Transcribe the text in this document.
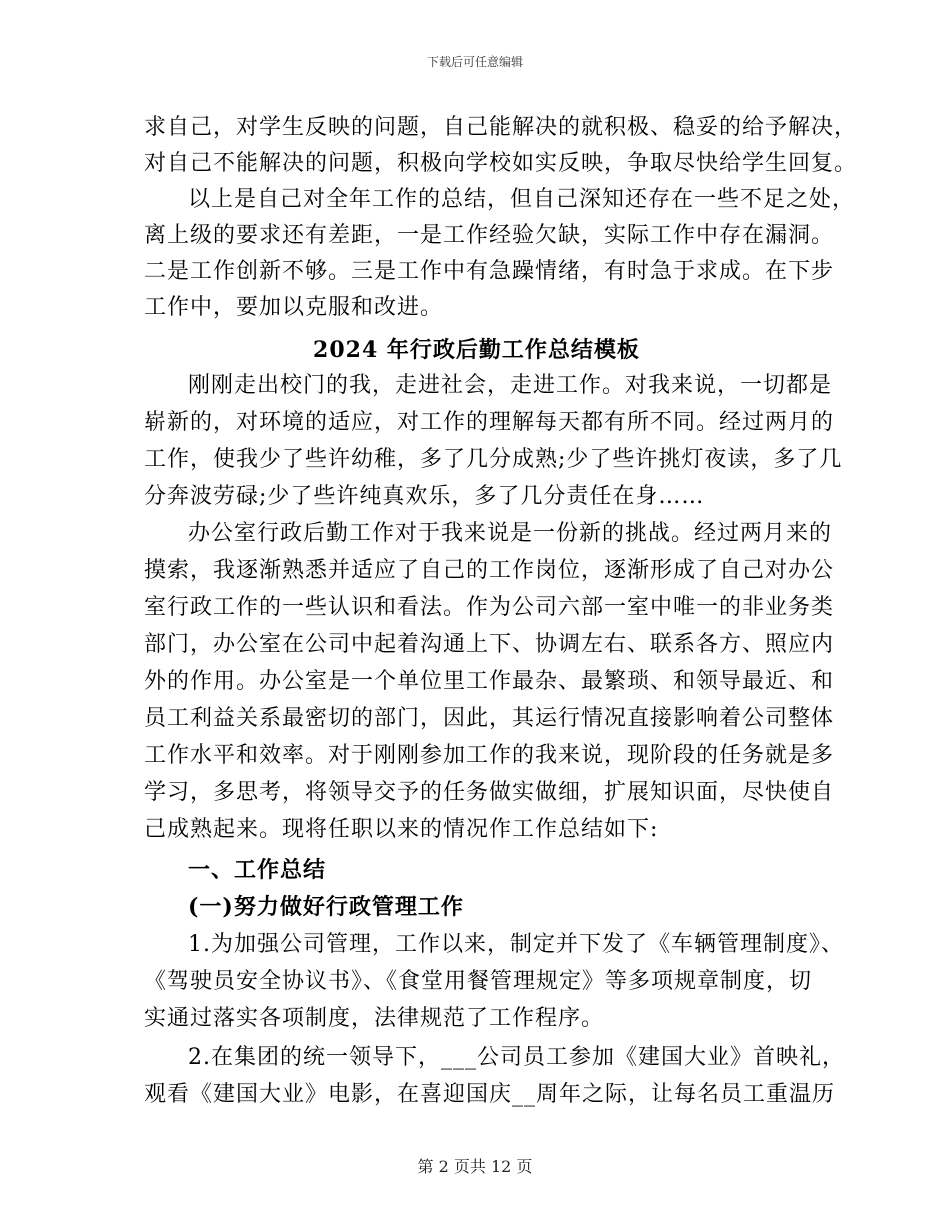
下载后可任意编辑
求自己，对学生反映的问题，自己能解决的就积极、稳妥的给予解决，
对自己不能解决的问题，积极向学校如实反映，争取尽快给学生回复。
以上是自己对全年工作的总结，但自己深知还存在一些不足之处，
离上级的要求还有差距，一是工作经验欠缺，实际工作中存在漏洞。
二是工作创新不够。三是工作中有急躁情绪，有时急于求成。在下步
工作中，要加以克服和改进。
2024 年行政后勤工作总结模板
刚刚走出校门的我，走进社会，走进工作。对我来说，一切都是
崭新的，对环境的适应，对工作的理解每天都有所不同。经过两月的
工作，使我少了些许幼稚，多了几分成熟;少了些许挑灯夜读，多了几
分奔波劳碌;少了些许纯真欢乐，多了几分责任在身……
办公室行政后勤工作对于我来说是一份新的挑战。经过两月来的
摸索，我逐渐熟悉并适应了自己的工作岗位，逐渐形成了自己对办公
室行政工作的一些认识和看法。作为公司六部一室中唯一的非业务类
部门，办公室在公司中起着沟通上下、协调左右、联系各方、照应内
外的作用。办公室是一个单位里工作最杂、最繁琐、和领导最近、和
员工利益关系最密切的部门，因此，其运行情况直接影响着公司整体
工作水平和效率。对于刚刚参加工作的我来说，现阶段的任务就是多
学习，多思考，将领导交予的任务做实做细，扩展知识面，尽快使自
己成熟起来。现将任职以来的情况作工作总结如下:
一、工作总结
(一)努力做好行政管理工作
1.为加强公司管理，工作以来，制定并下发了《车辆管理制度》、
《驾驶员安全协议书》、《食堂用餐管理规定》等多项规章制度，切
实通过落实各项制度，法律规范了工作程序。
2.在集团的统一领导下，___公司员工参加《建国大业》首映礼，
观看《建国大业》电影，在喜迎国庆__周年之际，让每名员工重温历
第 2 页共 12 页
